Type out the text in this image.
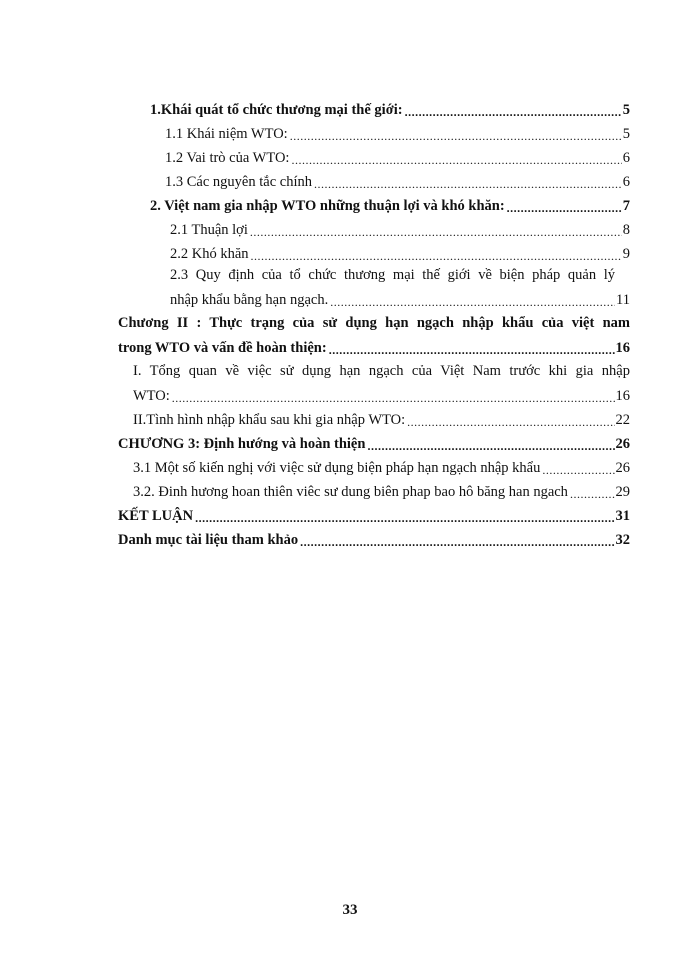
1.Khái quát tổ chức thương mại thế giới: .....	5
1.1 Khái niệm WTO: .....	5
1.2 Vai trò của WTO: .....	6
1.3 Các nguyên tắc chính .....	6
2. Việt nam gia nhập WTO những thuận lợi và khó khăn: .....	7
2.1 Thuận lợi .....	8
2.2 Khó khăn .....	9
2.3 Quy định của tổ chức thương mại thế giới về biện pháp quản lý
nhập khẩu bằng hạn ngạch. .....	11
Chương II : Thực trạng của sử dụng hạn ngạch nhập khẩu của việt nam
trong WTO và vấn đề hoàn thiện: .....	16
I. Tổng quan về việc sử dụng hạn ngạch của Việt Nam trước khi gia nhập
WTO: .....	16
II.Tình hình nhập khẩu sau khi gia nhập WTO: .....	22
CHƯƠNG 3: Định hướng và hoàn thiện .....	26
3.1 Một số kiến nghị với việc sử dụng biện pháp hạn ngạch nhập khẩu .....	26
3.2. Đinh hương hoan thiên viêc sư dung biên phap bao hô băng han ngach .....	29
KẾT LUẬN .....	31
Danh mục tài liệu tham khảo .....	32
33
